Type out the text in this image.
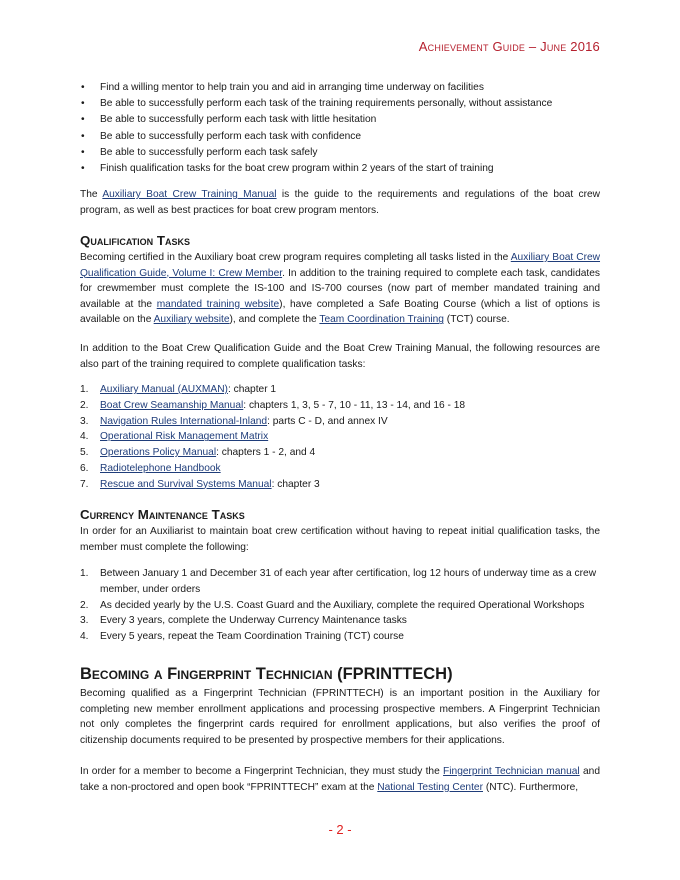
Achievement Guide – June 2016
• Find a willing mentor to help train you and aid in arranging time underway on facilities
• Be able to successfully perform each task of the training requirements personally, without assistance
• Be able to successfully perform each task with little hesitation
• Be able to successfully perform each task with confidence
• Be able to successfully perform each task safely
• Finish qualification tasks for the boat crew program within 2 years of the start of training

The Auxiliary Boat Crew Training Manual is the guide to the requirements and regulations of the boat crew program, as well as best practices for boat crew program mentors.

Qualification Tasks

Becoming certified in the Auxiliary boat crew program requires completing all tasks listed in the Auxiliary Boat Crew Qualification Guide, Volume I: Crew Member. In addition to the training required to complete each task, candidates for crewmember must complete the IS-100 and IS-700 courses (now part of member mandated training and available at the mandated training website), have completed a Safe Boating Course (which a list of options is available on the Auxiliary website), and complete the Team Coordination Training (TCT) course.

In addition to the Boat Crew Qualification Guide and the Boat Crew Training Manual, the following resources are also part of the training required to complete qualification tasks:

1. Auxiliary Manual (AUXMAN): chapter 1
2. Boat Crew Seamanship Manual: chapters 1, 3, 5 - 7, 10 - 11, 13 - 14, and 16 - 18
3. Navigation Rules International-Inland: parts C - D, and annex IV
4. Operational Risk Management Matrix
5. Operations Policy Manual: chapters 1 - 2, and 4
6. Radiotelephone Handbook
7. Rescue and Survival Systems Manual: chapter 3
Currency Maintenance Tasks

In order for an Auxiliarist to maintain boat crew certification without having to repeat initial qualification tasks, the member must complete the following:

1. Between January 1 and December 31 of each year after certification, log 12 hours of underway time as a crew member, under orders
2. As decided yearly by the U.S. Coast Guard and the Auxiliary, complete the required Operational Workshops
3. Every 3 years, complete the Underway Currency Maintenance tasks
4. Every 5 years, repeat the Team Coordination Training (TCT) course
Becoming a Fingerprint Technician (FPRINTTECH)

Becoming qualified as a Fingerprint Technician (FPRINTTECH) is an important position in the Auxiliary for completing new member enrollment applications and processing prospective members. A Fingerprint Technician not only completes the fingerprint cards required for enrollment applications, but also verifies the proof of citizenship documents required to be presented by prospective members for their applications.

In order for a member to become a Fingerprint Technician, they must study the Fingerprint Technician manual and take a non-proctored and open book “FPRINTTECH” exam at the National Testing Center (NTC). Furthermore,

- 2 -
